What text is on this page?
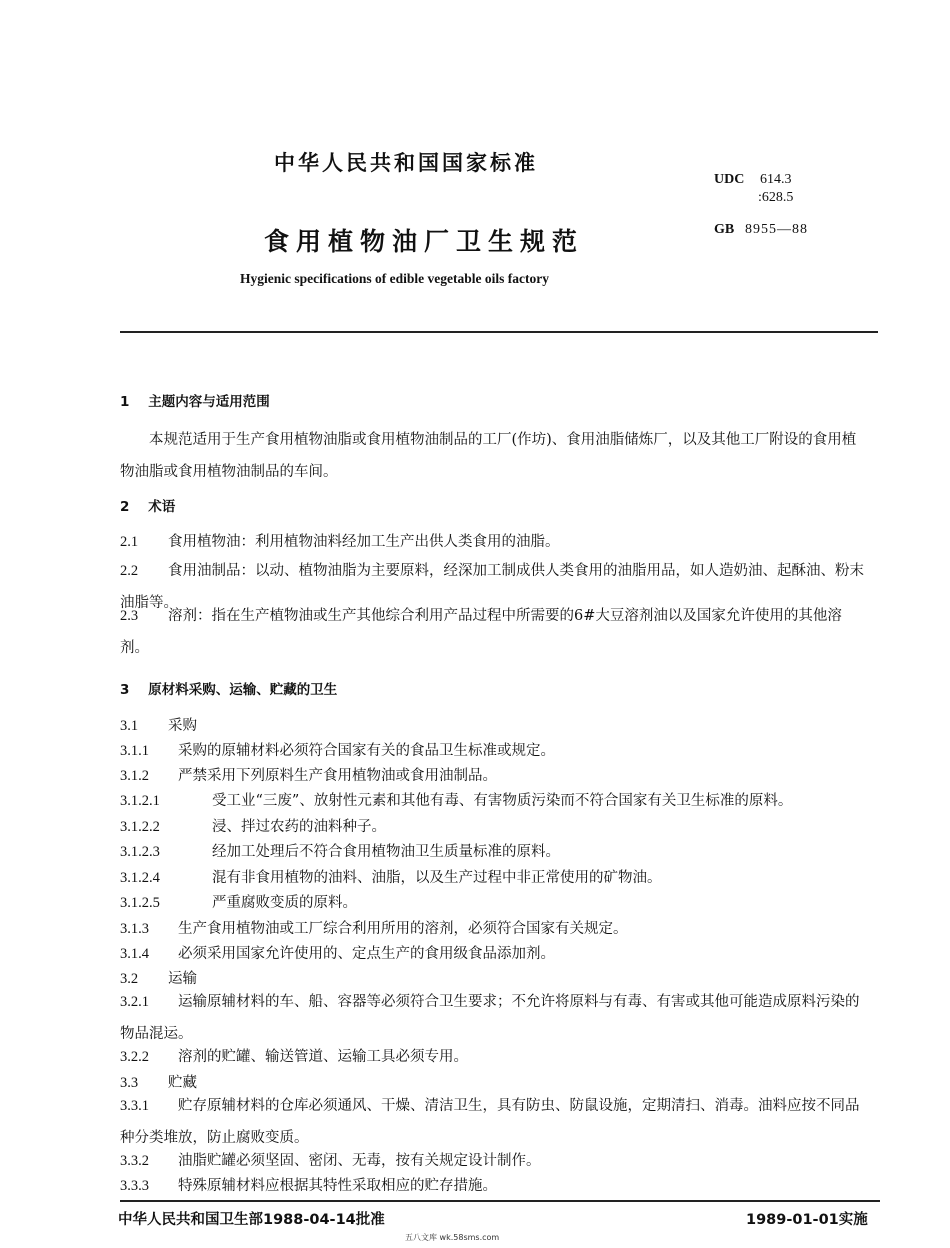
中华人民共和国国家标准
食用植物油厂卫生规范
Hygienic specifications of edible vegetable oils factory
UDC 614.3
:628.5
GB 8955—88
1 主题内容与适用范围
本规范适用于生产食用植物油脂或食用植物油制品的工厂(作坊)、食用油脂储炼厂，以及其他工厂附设的食用植物油脂或食用植物油制品的车间。
2 术语
2.1 食用植物油：利用植物油料经加工生产出供人类食用的油脂。
2.2 食用油制品：以动、植物油脂为主要原料，经深加工制成供人类食用的油脂用品，如人造奶油、起酥油、粉末油脂等。
2.3 溶剂：指在生产植物油或生产其他综合利用产品过程中所需要的6#大豆溶剂油以及国家允许使用的其他溶剂。
3 原材料采购、运输、贮藏的卫生
3.1 采购
3.1.1 采购的原辅材料必须符合国家有关的食品卫生标准或规定。
3.1.2 严禁采用下列原料生产食用植物油或食用油制品。
3.1.2.1	受工业“三废”、放射性元素和其他有毒、有害物质污染而不符合国家有关卫生标准的原料。
3.1.2.2	浸、拌过农药的油料种子。
3.1.2.3	经加工处理后不符合食用植物油卫生质量标准的原料。
3.1.2.4	混有非食用植物的油料、油脂，以及生产过程中非正常使用的矿物油。
3.1.2.5	严重腐败变质的原料。
3.1.3 生产食用植物油或工厂综合利用所用的溶剂，必须符合国家有关规定。
3.1.4 必须采用国家允许使用的、定点生产的食用级食品添加剂。
3.2 运输
3.2.1 运输原辅材料的车、船、容器等必须符合卫生要求；不允许将原料与有毒、有害或其他可能造成原料污染的物品混运。
3.2.2 溶剂的贮罐、输送管道、运输工具必须专用。
3.3 贮藏
3.3.1 贮存原辅材料的仓库必须通风、干燥、清洁卫生，具有防虫、防鼠设施，定期清扫、消毒。油料应按不同品种分类堆放，防止腐败变质。
3.3.2 油脂贮罐必须坚固、密闭、无毒，按有关规定设计制作。
3.3.3 特殊原辅材料应根据其特性采取相应的贮存措施。
中华人民共和国卫生部1988-04-14批准	1989-01-01实施
五八文库 wk.58sms.com
